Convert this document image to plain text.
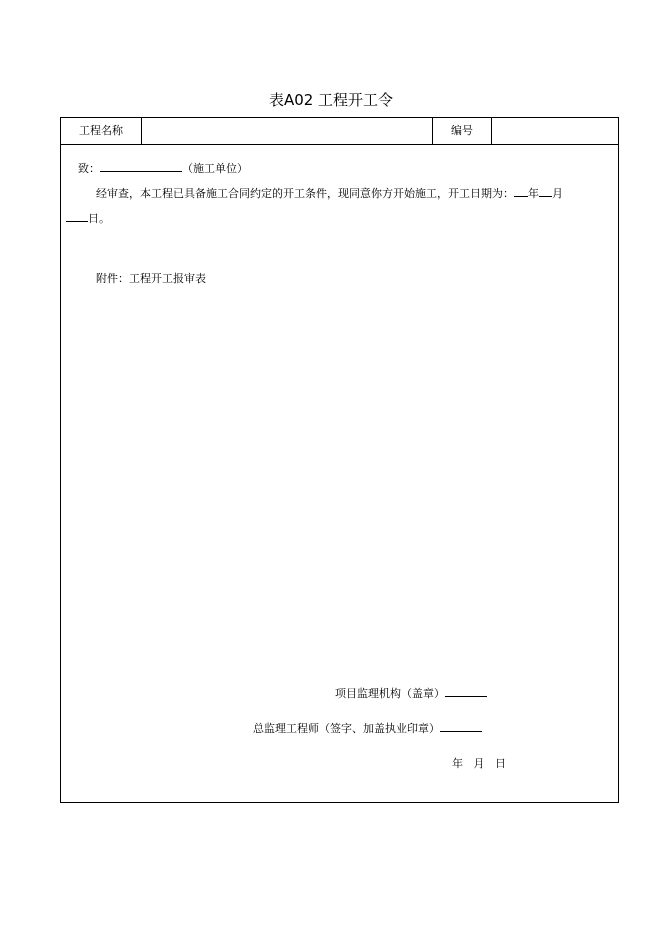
表A02 工程开工令
工程名称	编号
致：	（施工单位）
经审查，本工程已具备施工合同约定的开工条件，现同意你方开始施工，开工日期为： 年 月
日。
附件：工程开工报审表
项目监理机构（盖章）
总监理工程师（签字、加盖执业印章）
年   月   日
